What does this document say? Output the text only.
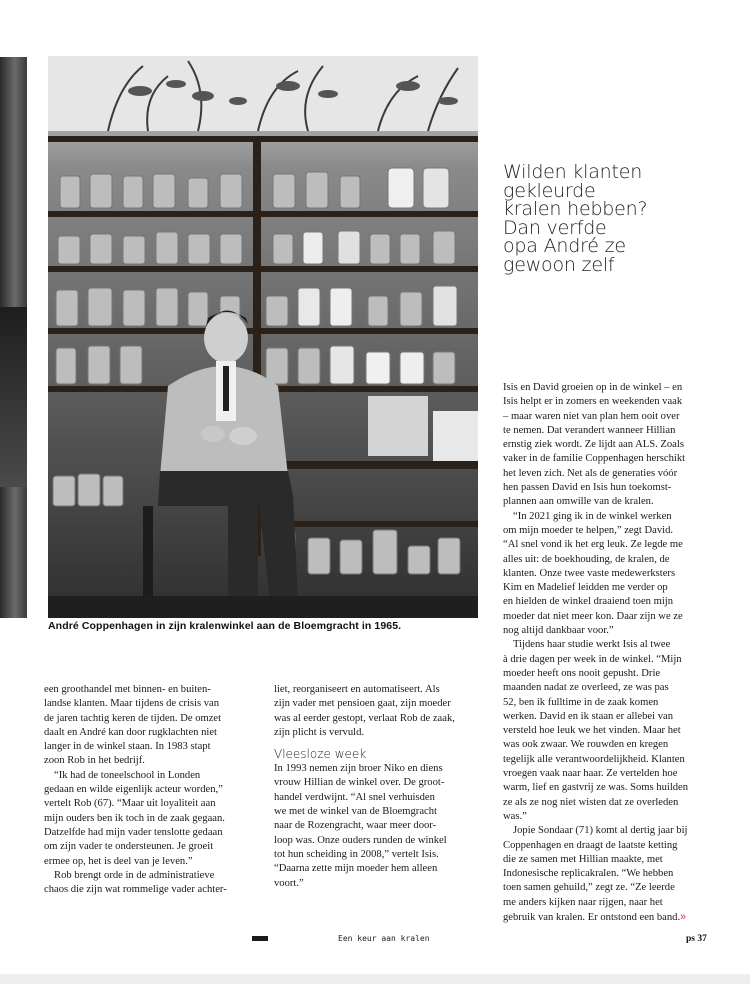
André Coppenhagen in zijn kralenwinkel aan de Bloemgracht in 1965.
Wilden klanten
gekleurde
kralen hebben?
Dan verfde
opa André ze
gewoon zelf

een groothandel met binnen- en buiten-
landse klanten. Maar tijdens de crisis van
de jaren tachtig keren de tijden. De omzet
daalt en André kan door rugklachten niet
langer in de winkel staan. In 1983 stapt
zoon Rob in het bedrijf.

“Ik had de toneelschool in Londen
gedaan en wilde eigenlijk acteur worden,”
vertelt Rob (67). “Maar uit loyaliteit aan
mijn ouders ben ik toch in de zaak gegaan.
Datzelfde had mijn vader tenslotte gedaan
om zijn vader te ondersteunen. Je groeit
ermee op, het is deel van je leven.”

Rob brengt orde in de administratieve
chaos die zijn wat rommelige vader achter-

liet, reorganiseert en automatiseert. Als
zijn vader met pensioen gaat, zijn moeder
was al eerder gestopt, verlaat Rob de zaak,
zijn plicht is vervuld.

Vleesloze week

In 1993 nemen zijn broer Niko en diens
vrouw Hillian de winkel over. De groot-
handel verdwijnt. “Al snel verhuisden
we met de winkel van de Bloemgracht
naar de Rozengracht, waar meer door-
loop was. Onze ouders runden de winkel
tot hun scheiding in 2008,” vertelt Isis.
“Daarna zette mijn moeder hem alleen
voort.”

Isis en David groeien op in de winkel – en
Isis helpt er in zomers en weekenden vaak
– maar waren niet van plan hem ooit over
te nemen. Dat verandert wanneer Hillian
ernstig ziek wordt. Ze lijdt aan ALS. Zoals
vaker in de familie Coppenhagen herschikt
het leven zich. Net als de generaties vóór
hen passen David en Isis hun toekomst-
plannen aan omwille van de kralen.

“In 2021 ging ik in de winkel werken
om mijn moeder te helpen,” zegt David.
“Al snel vond ik het erg leuk. Ze legde me
alles uit: de boekhouding, de kralen, de
klanten. Onze twee vaste medewerksters
Kim en Madelief leidden me verder op
en hielden de winkel draaiend toen mijn
moeder dat niet meer kon. Daar zijn we ze
nog altijd dankbaar voor.”

Tijdens haar studie werkt Isis al twee
à drie dagen per week in de winkel. “Mijn
moeder heeft ons nooit gepusht. Drie
maanden nadat ze overleed, ze was pas
52, ben ik fulltime in de zaak komen
werken. David en ik staan er allebei van
versteld hoe leuk we het vinden. Maar het
was ook zwaar. We rouwden en kregen
tegelijk alle verantwoordelijkheid. Klanten
vroegen vaak naar haar. Ze vertelden hoe
warm, lief en gastvrij ze was. Soms huilden
ze als ze nog niet wisten dat ze overleden
was.”

Jopie Sondaar (71) komt al dertig jaar bij
Coppenhagen en draagt de laatste ketting
die ze samen met Hillian maakte, met
Indonesische replicakralen. “We hebben
toen samen gehuild,” zegt ze. “Ze leerde
me anders kijken naar rijgen, naar het
gebruik van kralen. Er ontstond een band.»

Een keur aan kralen	ps 37
